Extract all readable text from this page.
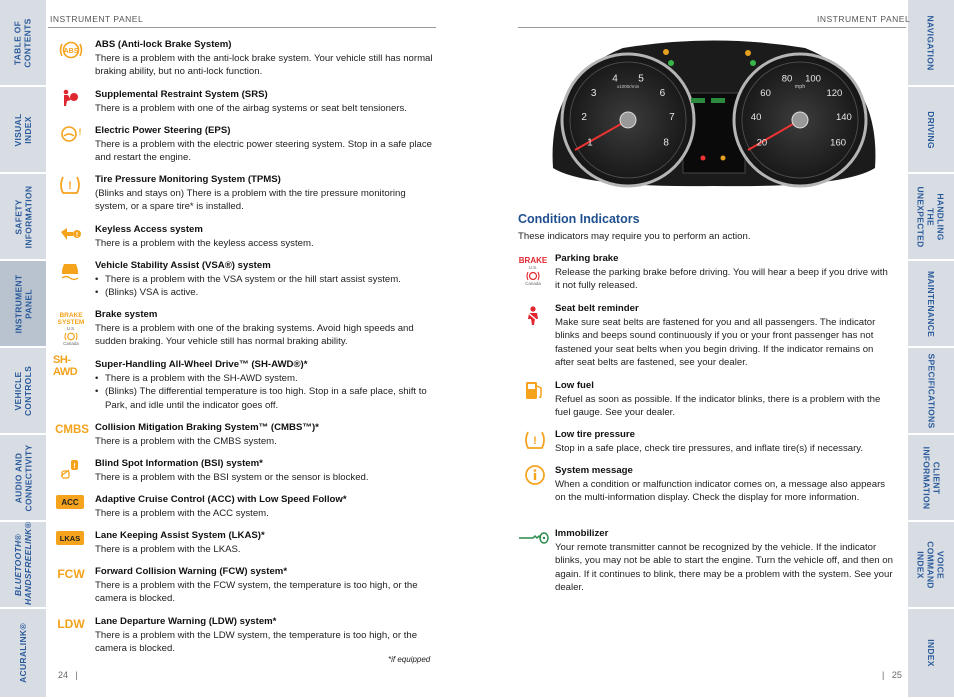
TABLE OF
CONTENTS
VISUAL INDEX
SAFETY
INFORMATION
INSTRUMENT
PANEL
VEHICLE
CONTROLS
AUDIO AND
CONNECTIVITY
BLUETOOTH®
HANDSFREELINK®
ACURALINK®
NAVIGATION
DRIVING
HANDLING THE
UNEXPECTED
MAINTENANCE
SPECIFICATIONS
CLIENT
INFORMATION
VOICE COMMAND
INDEX
INDEX
INSTRUMENT PANEL	INSTRUMENT PANEL
ABS
!
!
!
BRAKE
SYSTEM
U.S.
Canada
SH-AWD
CMBS
!
ACC
LKAS
FCW
LDW
ABS (Anti-lock Brake System)

There is a problem with the anti-lock brake system. Your vehicle still has normal braking ability, but no anti-lock function.

Supplemental Restraint System (SRS)

There is a problem with one of the airbag systems or seat belt tensioners.

Electric Power Steering (EPS)

There is a problem with the electric power steering system. Stop in a safe place and restart the engine.

Tire Pressure Monitoring System (TPMS)

(Blinks and stays on) There is a problem with the tire pressure monitoring system, or a spare tire* is installed.

Keyless Access system

There is a problem with the keyless access system.

Vehicle Stability Assist (VSA®) system
• There is a problem with the VSA system or the hill start assist system.
• (Blinks) VSA is active.
Brake system

There is a problem with one of the braking systems. Avoid high speeds and sudden braking. Your vehicle still has normal braking ability.

Super-Handling All-Wheel Drive™ (SH-AWD®)*
• There is a problem with the SH-AWD system.
• (Blinks) The differential temperature is too high. Stop in a safe place, shift to Park, and idle until the indicator goes off.
Collision Mitigation Braking System™ (CMBS™)*

There is a problem with the CMBS system.

Blind Spot Information (BSI) system*

There is a problem with the BSI system or the sensor is blocked.

Adaptive Cruise Control (ACC) with Low Speed Follow*

There is a problem with the ACC system.

Lane Keeping Assist System (LKAS)*

There is a problem with the LKAS.

Forward Collision Warning (FCW) system*

There is a problem with the FCW system, the temperature is too high, or the camera is blocked.

Lane Departure Warning (LDW) system*

There is a problem with the LDW system, the temperature is too high, or the camera is blocked.

*if equipped
24   |	|   25
1
2
3
4 5
6
7
8	20
40
60
80 100
120
140
160
x1000r/min	mph
Condition Indicators
These indicators may require you to perform an action.
BRAKE
U.S.
Canada
!
Parking brake

Release the parking brake before driving. You will hear a beep if you drive with it not fully released.

Seat belt reminder

Make sure seat belts are fastened for you and all passengers. The indicator blinks and beeps sound continuously if you or your front passenger has not fastened your seat belts when you begin driving. If the indicator remains on after seat belts are fastened, see your dealer.

Low fuel

Refuel as soon as possible. If the indicator blinks, there is a problem with the fuel gauge. See your dealer.

Low tire pressure

Stop in a safe place, check tire pressures, and inflate tire(s) if necessary.

System message

When a condition or malfunction indicator comes on, a message also appears on the multi-information display. Check the display for more information.

Immobilizer

Your remote transmitter cannot be recognized by the vehicle. If the indicator blinks, you may not be able to start the engine. Turn the vehicle off, and then on again. If it continues to blink, there may be a problem with the system. See your dealer.
